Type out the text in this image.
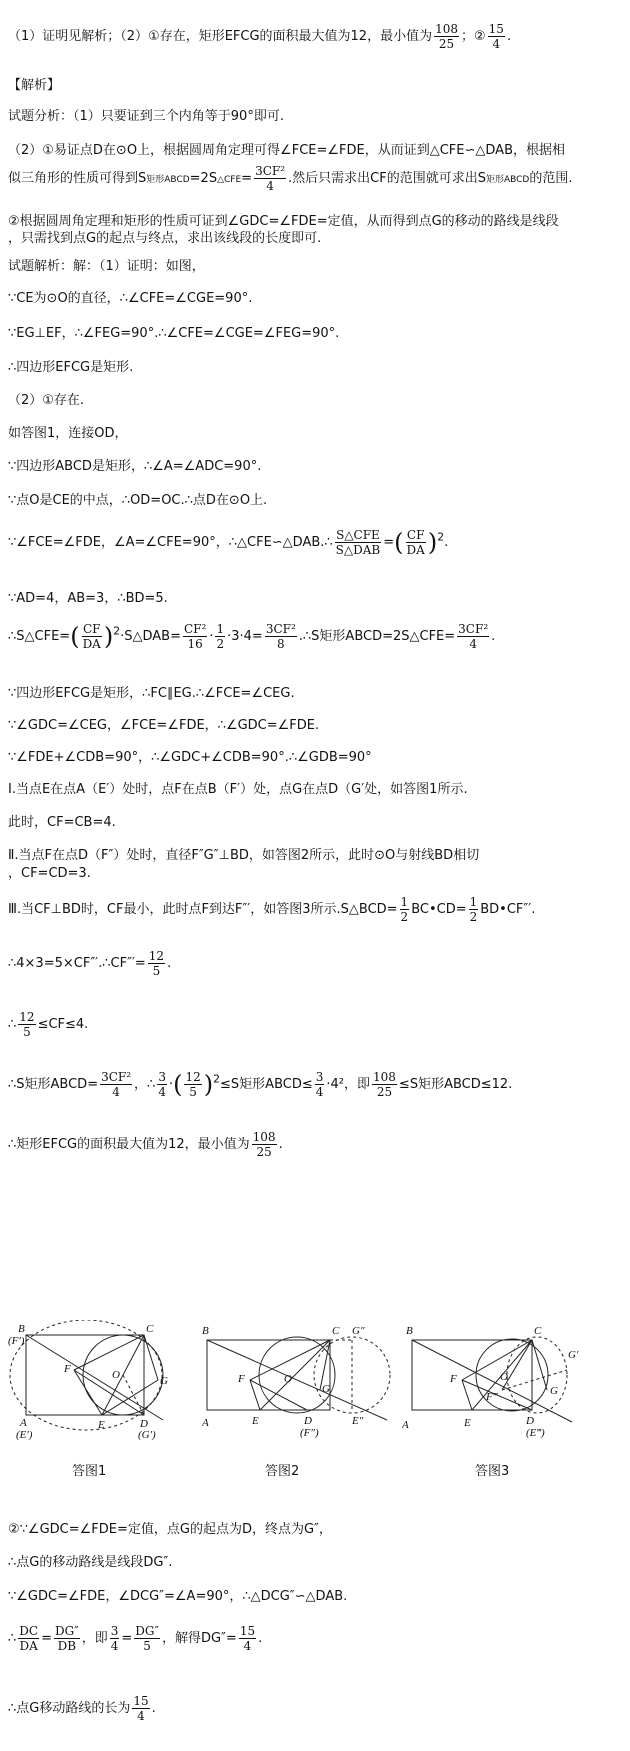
（1）证明见解析；（2）①存在，矩形EFCG的面积最大值为12，最小值为 $\frac{108}{25}$ ；② $\frac{15}{4}$ .
【解析】
试题分析：（1）只要证到三个内角等于90°即可.
（2）①易证点D在⊙O上，根据圆周角定理可得∠FCE=∠FDE，从而证到△CFE∽△DAB，根据相
似三角形的性质可得到S矩形ABCD=2S△CFE= $\frac{\text{3CF²}}{4}$ .然后只需求出CF的范围就可求出S矩形ABCD的范围.
②根据圆周角定理和矩形的性质可证到∠GDC=∠FDE=定值，从而得到点G的移动的路线是线段
，只需找到点G的起点与终点，求出该线段的长度即可.
试题解析：解：（1）证明：如图，
∵CE为⊙O的直径，∴∠CFE=∠CGE=90°.
∵EG⊥EF，∴∠FEG=90°.∴∠CFE=∠CGE=∠FEG=90°.
∴四边形EFCG是矩形.
（2）①存在.
如答图1，连接OD，
∵四边形ABCD是矩形，∴∠A=∠ADC=90°.
∵点O是CE的中点，∴OD=OC.∴点D在⊙O上.
∵∠FCE=∠FDE，∠A=∠CFE=90°，∴△CFE∽△DAB.∴ $\frac{\text{S△CFE}}{\text{S△DAB}}$ =( $\frac{CF}{DA} )^2$.
∵AD=4，AB=3，∴BD=5.
∴S△CFE=( $\frac{CF}{DA}$ )$^2$·S△DAB= $\frac{\text{CF²}}{16} \cdot \frac{1}{2} \cdot 3\cdot 4= \frac{\text{3CF²}}{8}$ .∴S矩形ABCD=2S△CFE= $\frac{\text{3CF²}}{4}$ .
∵四边形EFCG是矩形，∴FC∥EG.∴∠FCE=∠CEG.
∵∠GDC=∠CEG，∠FCE=∠FDE，∴∠GDC=∠FDE.
∵∠FDE+∠CDB=90°，∴∠GDC+∠CDB=90°.∴∠GDB=90°
Ⅰ.当点E在点A（E′）处时，点F在点B（F′）处，点G在点D（G′处，如答图1所示.
此时，CF=CB=4.
Ⅱ.当点F在点D（F″）处时，直径F″G″⊥BD，如答图2所示，此时⊙O与射线BD相切
，CF=CD=3.
Ⅲ.当CF⊥BD时，CF最小，此时点F到达F″′，如答图3所示.S△BCD= $\frac{1}{2}$ BC•CD= $\frac{1}{2}$ BD•CF″′.
∴4×3=5×CF″′.∴CF″′= $\frac{12}{5}$ .
∴ $\frac{12}{5} \le CF\le 4$.
∴S矩形ABCD= $\frac{\text{3CF²}}{4}$ ，∴ $\frac{3}{4}$ ·( $\frac{12}{5} )^2\le S$矩形ABCD≤ $\frac{3}{4} \cdot 4^2$，即 $\frac{108}{25} \le S$矩形ABCD≤12.
∴矩形EFCG的面积最大值为12，最小值为 $\frac{108}{25}$ .
B
(F′)
C
F	O	G
A
(E′)
E	D
(G′)
答图1
B	C G″
F	O
G
A	E	D
(F″)
E″
答图2
B	C
G′
F	O
G
F‴
A	E	D
(E‴)
答图3
②∵∠GDC=∠FDE=定值，点G的起点为D，终点为G″，
∴点G的移动路线是线段DG″.
∵∠GDC=∠FDE，∠DCG″=∠A=90°，∴△DCG″∽△DAB.
∴ $\frac{DC}{DA} = \frac{DG''}{DB}$ ，即 $\frac{3}{4} = \frac{DG''}{5}$ ，解得$DG''= \frac{15}{4}$ .
∴点G移动路线的长为 $\frac{15}{4}$ .
